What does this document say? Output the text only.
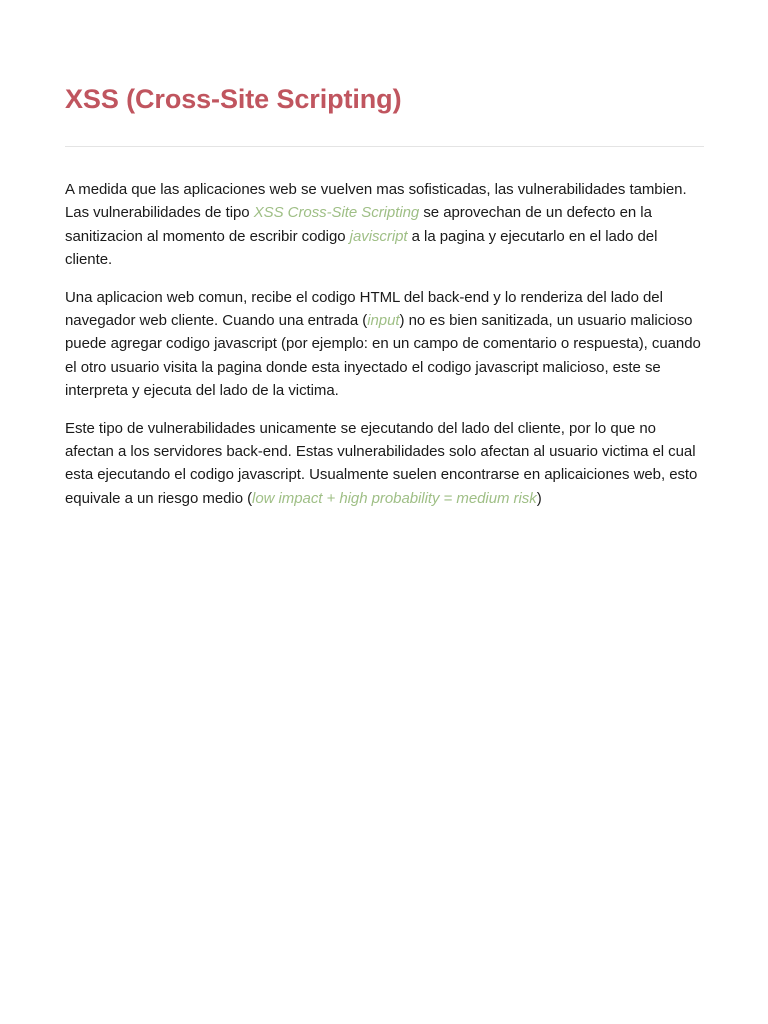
XSS (Cross-Site Scripting)

A medida que las aplicaciones web se vuelven mas sofisticadas, las vulnerabilidades tambien. Las vulnerabilidades de tipo XSS Cross-Site Scripting se aprovechan de un defecto en la sanitizacion al momento de escribir codigo javiscript a la pagina y ejecutarlo en el lado del cliente.

Una aplicacion web comun, recibe el codigo HTML del back-end y lo renderiza del lado del navegador web cliente. Cuando una entrada (input) no es bien sanitizada, un usuario malicioso puede agregar codigo javascript (por ejemplo: en un campo de comentario o respuesta), cuando el otro usuario visita la pagina donde esta inyectado el codigo javascript malicioso, este se interpreta y ejecuta del lado de la victima.

Este tipo de vulnerabilidades unicamente se ejecutando del lado del cliente, por lo que no afectan a los servidores back-end. Estas vulnerabilidades solo afectan al usuario victima el cual esta ejecutando el codigo javascript. Usualmente suelen encontrarse en aplicaiciones web, esto equivale a un riesgo medio (low impact + high probability = medium risk)
